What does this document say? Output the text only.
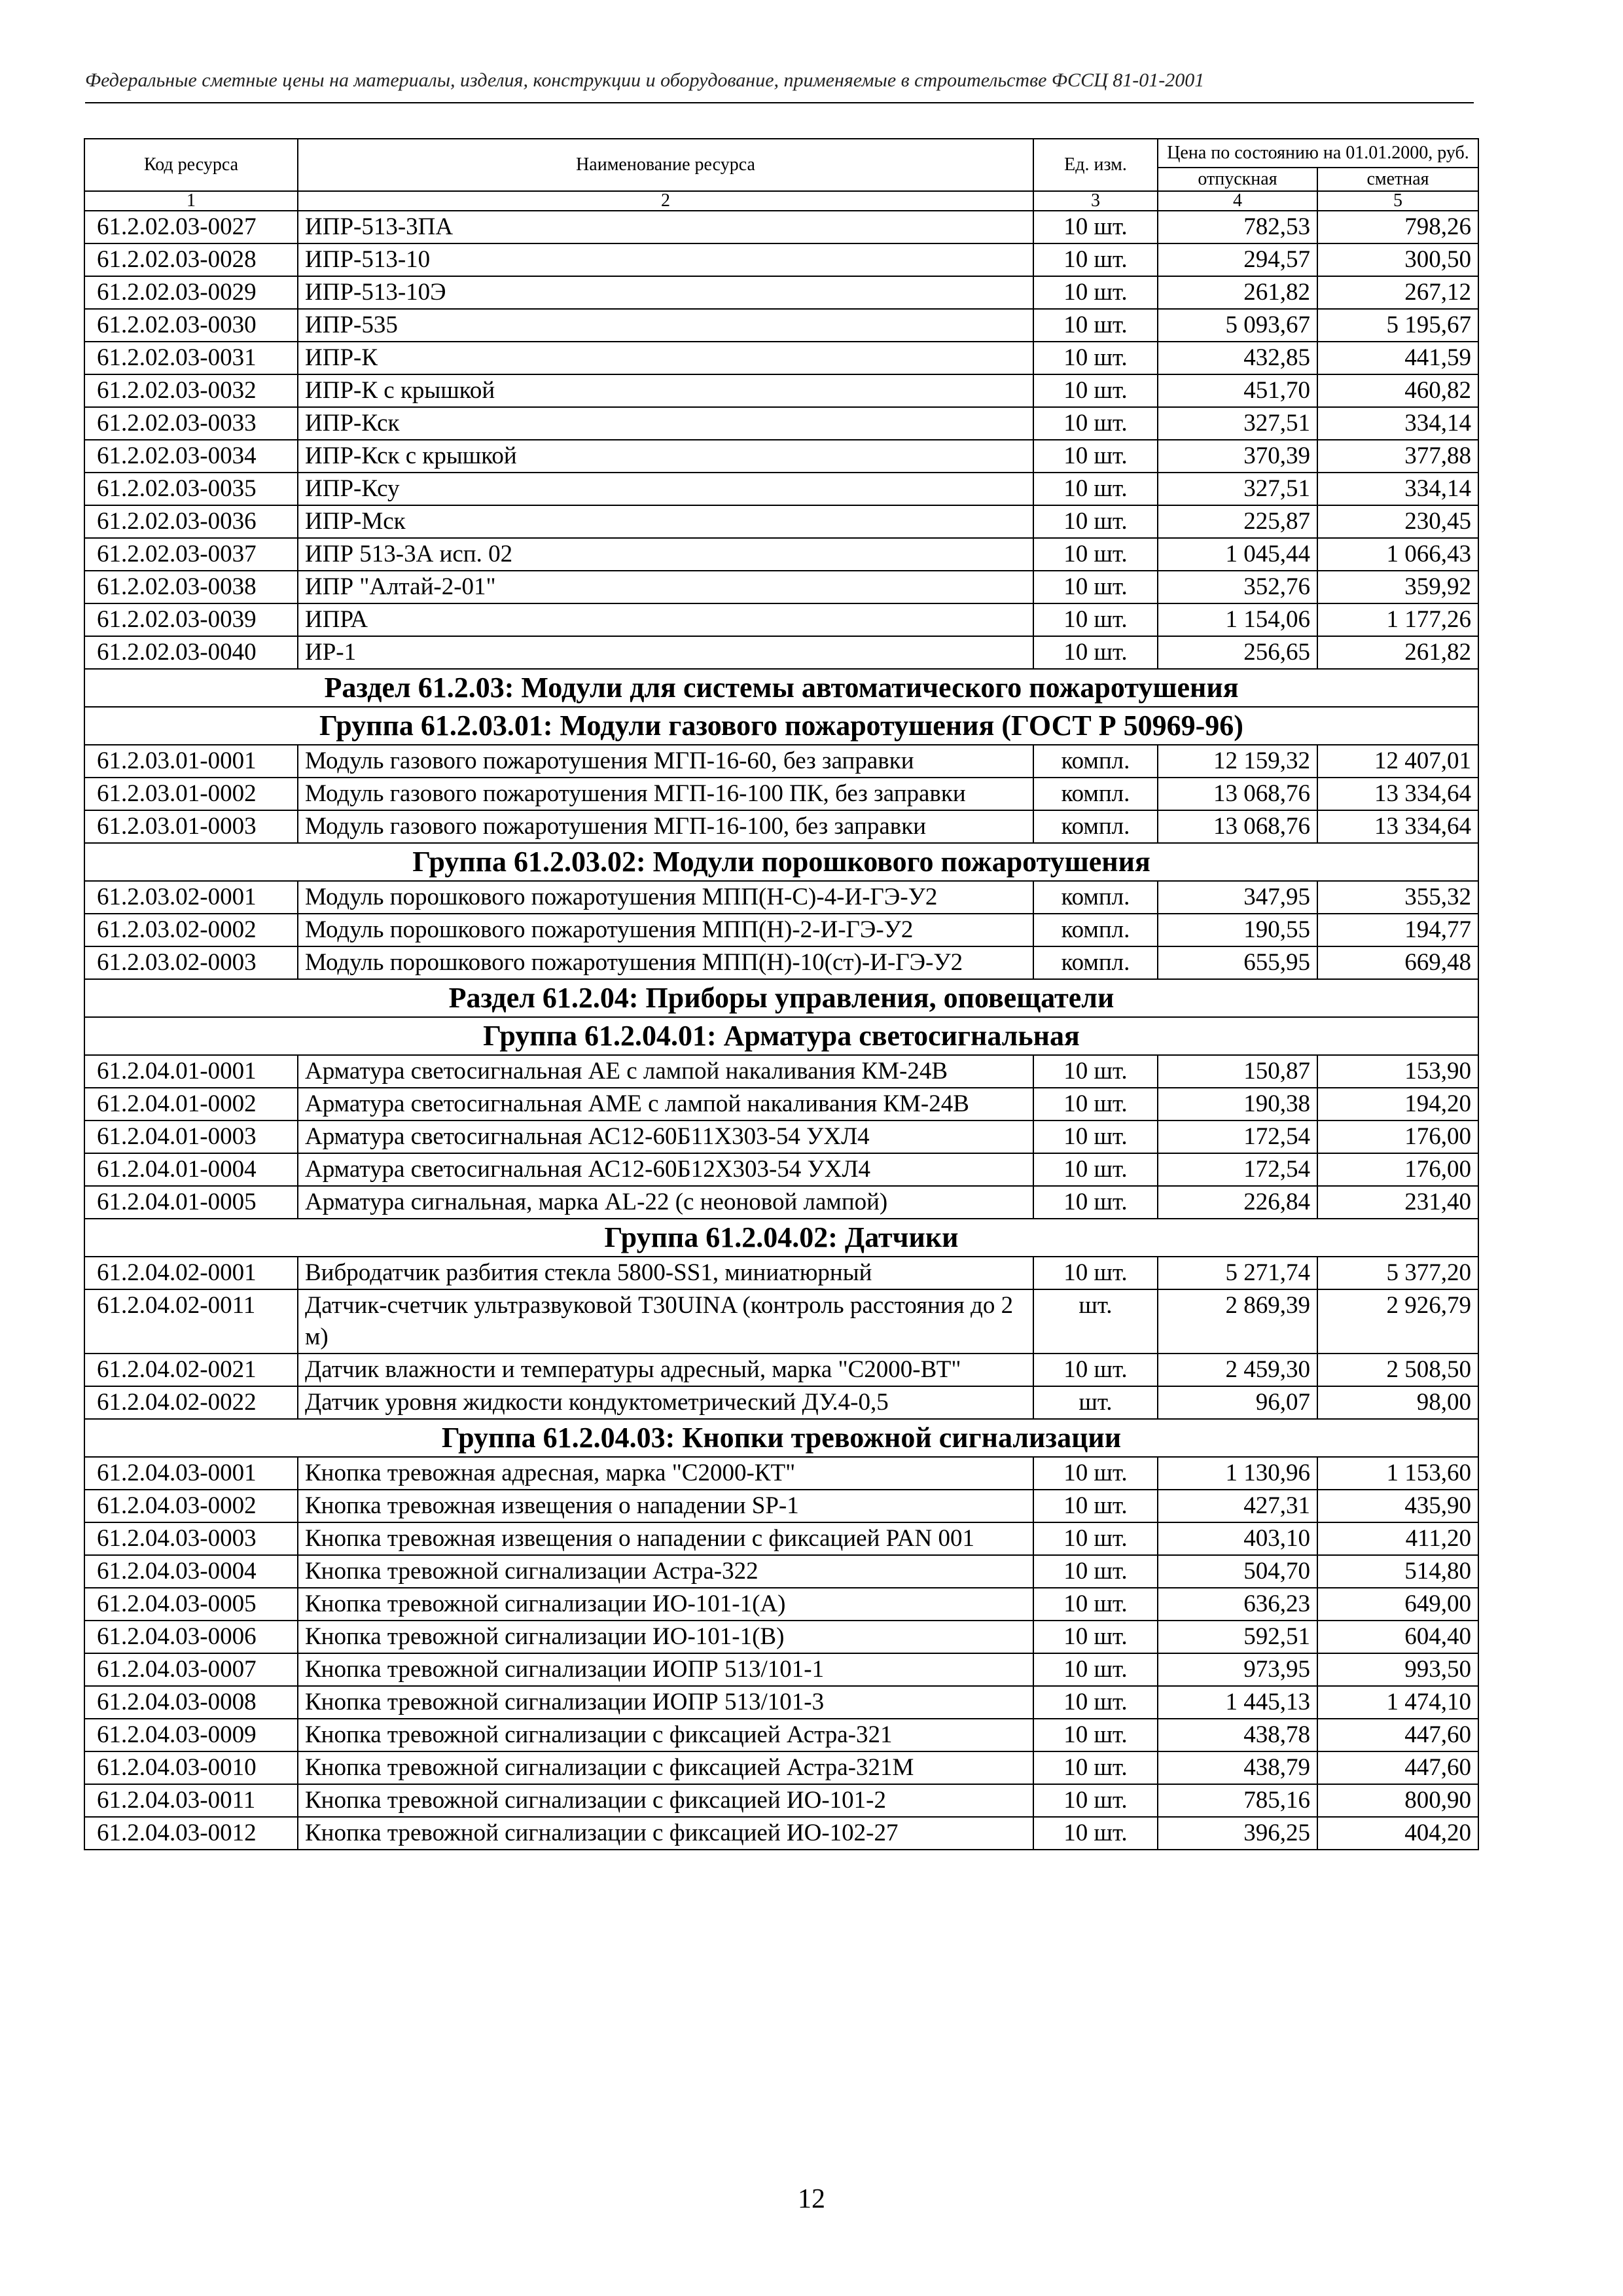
Федеральные сметные цены на материалы, изделия, конструкции и оборудование, применяемые в строительстве ФССЦ 81-01-2001
Код ресурса	Наименование ресурса	Ед. изм.	Цена по состоянию на 01.01.2000, руб.	
			отпускная	сметная
1	2	3	4	5
61.2.02.03-0027	ИПР-513-3ПА	10 шт.	782,53	798,26
61.2.02.03-0028	ИПР-513-10	10 шт.	294,57	300,50
61.2.02.03-0029	ИПР-513-10Э	10 шт.	261,82	267,12
61.2.02.03-0030	ИПР-535	10 шт.	5 093,67	5 195,67
61.2.02.03-0031	ИПР-К	10 шт.	432,85	441,59
61.2.02.03-0032	ИПР-К с крышкой	10 шт.	451,70	460,82
61.2.02.03-0033	ИПР-Кск	10 шт.	327,51	334,14
61.2.02.03-0034	ИПР-Кск с крышкой	10 шт.	370,39	377,88
61.2.02.03-0035	ИПР-Ксу	10 шт.	327,51	334,14
61.2.02.03-0036	ИПР-Мск	10 шт.	225,87	230,45
61.2.02.03-0037	ИПР 513-3А исп. 02	10 шт.	1 045,44	1 066,43
61.2.02.03-0038	ИПР "Алтай-2-01"	10 шт.	352,76	359,92
61.2.02.03-0039	ИПРА	10 шт.	1 154,06	1 177,26
61.2.02.03-0040	ИР-1	10 шт.	256,65	261,82
Раздел 61.2.03: Модули для системы автоматического пожаротушения				
Группа 61.2.03.01: Модули газового пожаротушения (ГОСТ Р 50969-96)				
61.2.03.01-0001	Модуль газового пожаротушения МГП-16-60, без заправки	компл.	12 159,32	12 407,01
61.2.03.01-0002	Модуль газового пожаротушения МГП-16-100 ПК, без заправки	компл.	13 068,76	13 334,64
61.2.03.01-0003	Модуль газового пожаротушения МГП-16-100, без заправки	компл.	13 068,76	13 334,64
Группа 61.2.03.02: Модули порошкового пожаротушения				
61.2.03.02-0001	Модуль порошкового пожаротушения МПП(Н-С)-4-И-ГЭ-У2	компл.	347,95	355,32
61.2.03.02-0002	Модуль порошкового пожаротушения МПП(Н)-2-И-ГЭ-У2	компл.	190,55	194,77
61.2.03.02-0003	Модуль порошкового пожаротушения МПП(Н)-10(ст)-И-ГЭ-У2	компл.	655,95	669,48
Раздел 61.2.04: Приборы управления, оповещатели				
Группа 61.2.04.01: Арматура светосигнальная				
61.2.04.01-0001	Арматура светосигнальная АЕ с лампой накаливания КМ-24В	10 шт.	150,87	153,90
61.2.04.01-0002	Арматура светосигнальная АМЕ с лампой накаливания КМ-24В	10 шт.	190,38	194,20
61.2.04.01-0003	Арматура светосигнальная АС12-60Б11Х303-54 УХЛ4	10 шт.	172,54	176,00
61.2.04.01-0004	Арматура светосигнальная АС12-60Б12Х303-54 УХЛ4	10 шт.	172,54	176,00
61.2.04.01-0005	Арматура сигнальная, марка AL-22 (с неоновой лампой)	10 шт.	226,84	231,40
Группа 61.2.04.02: Датчики				
61.2.04.02-0001	Вибродатчик разбития стекла 5800-SS1, миниатюрный	10 шт.	5 271,74	5 377,20
61.2.04.02-0011	Датчик-счетчик ультразвуковой T30UINA (контроль расстояния до 2 м)	шт.	2 869,39	2 926,79
61.2.04.02-0021	Датчик влажности и температуры адресный, марка "С2000-ВТ"	10 шт.	2 459,30	2 508,50
61.2.04.02-0022	Датчик уровня жидкости кондуктометрический ДУ.4-0,5	шт.	96,07	98,00
Группа 61.2.04.03: Кнопки тревожной сигнализации				
61.2.04.03-0001	Кнопка тревожная адресная, марка "С2000-КТ"	10 шт.	1 130,96	1 153,60
61.2.04.03-0002	Кнопка тревожная извещения о нападении SP-1	10 шт.	427,31	435,90
61.2.04.03-0003	Кнопка тревожная извещения о нападении с фиксацией PAN 001	10 шт.	403,10	411,20
61.2.04.03-0004	Кнопка тревожной сигнализации Астра-322	10 шт.	504,70	514,80
61.2.04.03-0005	Кнопка тревожной сигнализации ИО-101-1(А)	10 шт.	636,23	649,00
61.2.04.03-0006	Кнопка тревожной сигнализации ИО-101-1(В)	10 шт.	592,51	604,40
61.2.04.03-0007	Кнопка тревожной сигнализации ИОПР 513/101-1	10 шт.	973,95	993,50
61.2.04.03-0008	Кнопка тревожной сигнализации ИОПР 513/101-3	10 шт.	1 445,13	1 474,10
61.2.04.03-0009	Кнопка тревожной сигнализации с фиксацией Астра-321	10 шт.	438,78	447,60
61.2.04.03-0010	Кнопка тревожной сигнализации с фиксацией Астра-321М	10 шт.	438,79	447,60
61.2.04.03-0011	Кнопка тревожной сигнализации с фиксацией ИО-101-2	10 шт.	785,16	800,90
61.2.04.03-0012	Кнопка тревожной сигнализации с фиксацией ИО-102-27	10 шт.	396,25	404,20
12
